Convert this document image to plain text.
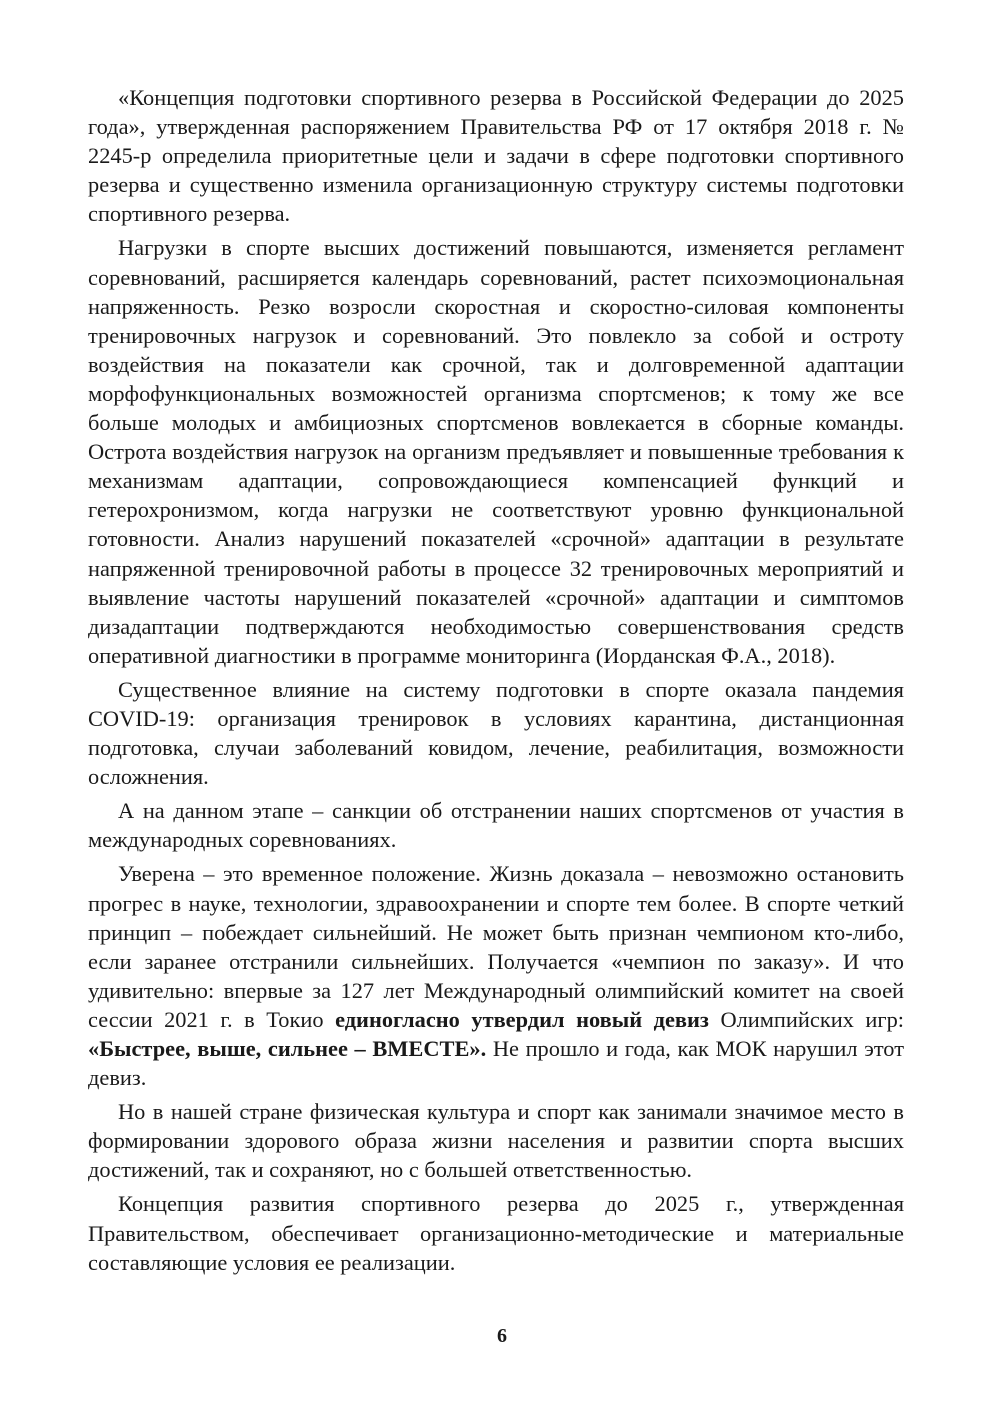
«Концепция подготовки спортивного резерва в Российской Федерации до 2025 года», утвержденная распоряжением Правительства РФ от 17 октября 2018 г. № 2245-р определила приоритетные цели и задачи в сфере подготовки спортивного резерва и существенно изменила организационную структуру системы подготовки спортивного резерва.

Нагрузки в спорте высших достижений повышаются, изменяется регламент соревнований, расширяется календарь соревнований, растет психоэмоциональная напряженность. Резко возросли скоростная и скоростно-силовая компоненты тренировочных нагрузок и соревнований. Это повлекло за собой и остроту воздействия на показатели как срочной, так и долговременной адаптации морфофункциональных возможностей организма спортсменов; к тому же все больше молодых и амбициозных спортсменов вовлекается в сборные команды. Острота воздействия нагрузок на организм предъявляет и повышенные требования к механизмам адаптации, сопровождающиеся компенсацией функций и гетерохронизмом, когда нагрузки не соответствуют уровню функциональной готовности. Анализ нарушений показателей «срочной» адаптации в результате напряженной тренировочной работы в процессе 32 тренировочных мероприятий и выявление частоты нарушений показателей «срочной» адаптации и симптомов дизадаптации подтверждаются необходимостью совершенствования средств оперативной диагностики в программе мониторинга (Иорданская Ф.А., 2018).

Существенное влияние на систему подготовки в спорте оказала пандемия COVID-19: организация тренировок в условиях карантина, дистанционная подготовка, случаи заболеваний ковидом, лечение, реабилитация, возможности осложнения.

А на данном этапе – санкции об отстранении наших спортсменов от участия в международных соревнованиях.

Уверена – это временное положение. Жизнь доказала – невозможно остановить прогрес в науке, технологии, здравоохранении и спорте тем более. В спорте четкий принцип – побеждает сильнейший. Не может быть признан чемпионом кто-либо, если заранее отстранили сильнейших. Получается «чемпион по заказу». И что удивительно: впервые за 127 лет Международный олимпийский комитет на своей сессии 2021 г. в Токио единогласно утвердил новый девиз Олимпийских игр: «Быстрее, выше, сильнее – ВМЕСТЕ». Не прошло и года, как МОК нарушил этот девиз.

Но в нашей стране физическая культура и спорт как занимали значимое место в формировании здорового образа жизни населения и развитии спорта высших достижений, так и сохраняют, но с большей ответственностью.

Концепция развития спортивного резерва до 2025 г., утвержденная Правительством, обеспечивает организационно-методические и материальные составляющие условия ее реализации.

6
